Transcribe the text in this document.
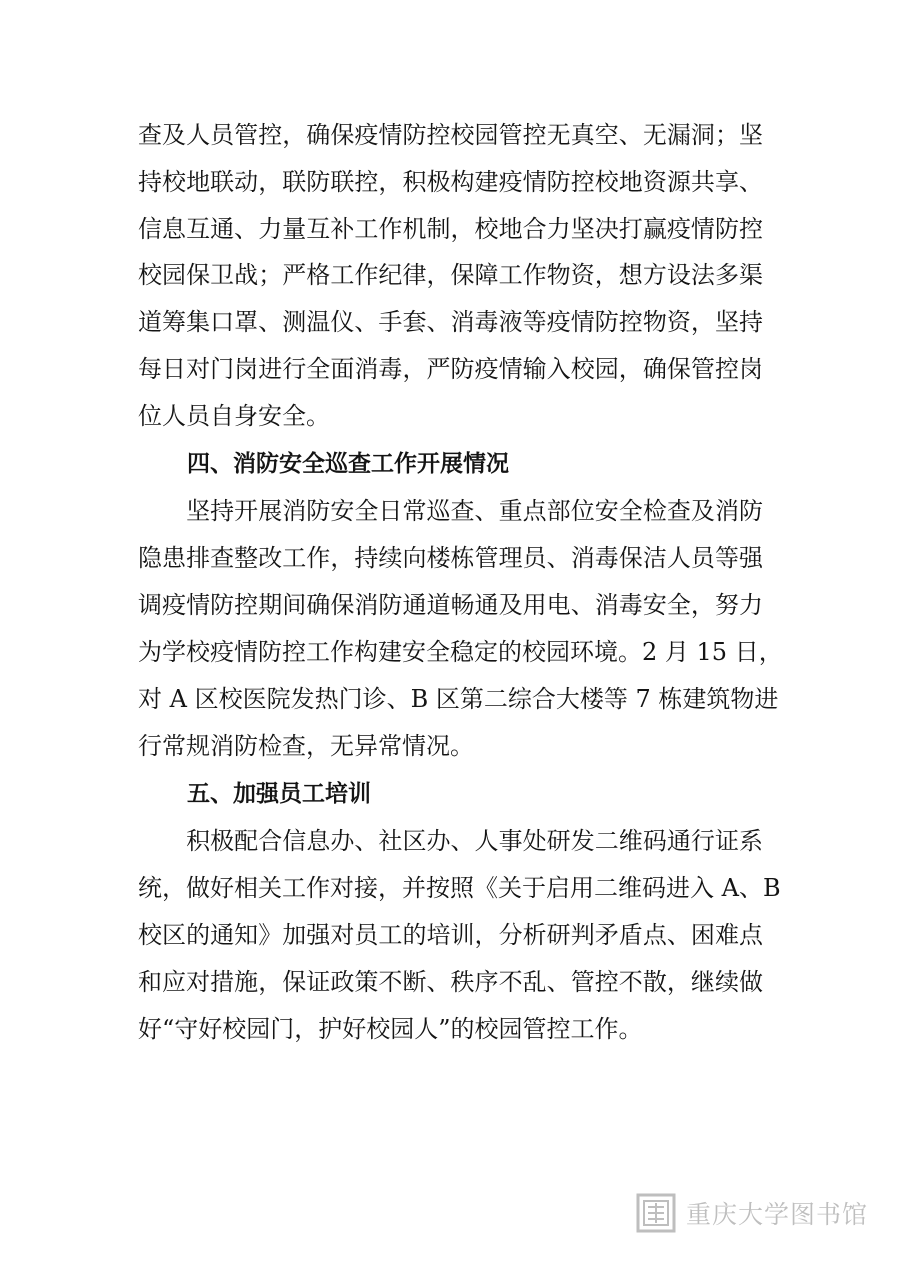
查及人员管控，确保疫情防控校园管控无真空、无漏洞；坚
持校地联动，联防联控，积极构建疫情防控校地资源共享、
信息互通、力量互补工作机制，校地合力坚决打赢疫情防控
校园保卫战；严格工作纪律，保障工作物资，想方设法多渠
道筹集口罩、测温仪、手套、消毒液等疫情防控物资，坚持
每日对门岗进行全面消毒，严防疫情输入校园，确保管控岗
位人员自身安全。
四、消防安全巡查工作开展情况
　　坚持开展消防安全日常巡查、重点部位安全检查及消防
隐患排查整改工作，持续向楼栋管理员、消毒保洁人员等强
调疫情防控期间确保消防通道畅通及用电、消毒安全，努力
为学校疫情防控工作构建安全稳定的校园环境。2 月 15 日，
对 A 区校医院发热门诊、B 区第二综合大楼等 7 栋建筑物进
行常规消防检查，无异常情况。
五、加强员工培训
　　积极配合信息办、社区办、人事处研发二维码通行证系
统，做好相关工作对接，并按照《关于启用二维码进入 A、B
校区的通知》加强对员工的培训，分析研判矛盾点、困难点
和应对措施，保证政策不断、秩序不乱、管控不散，继续做
好“守好校园门，护好校园人”的校园管控工作。
重庆大学图书馆
